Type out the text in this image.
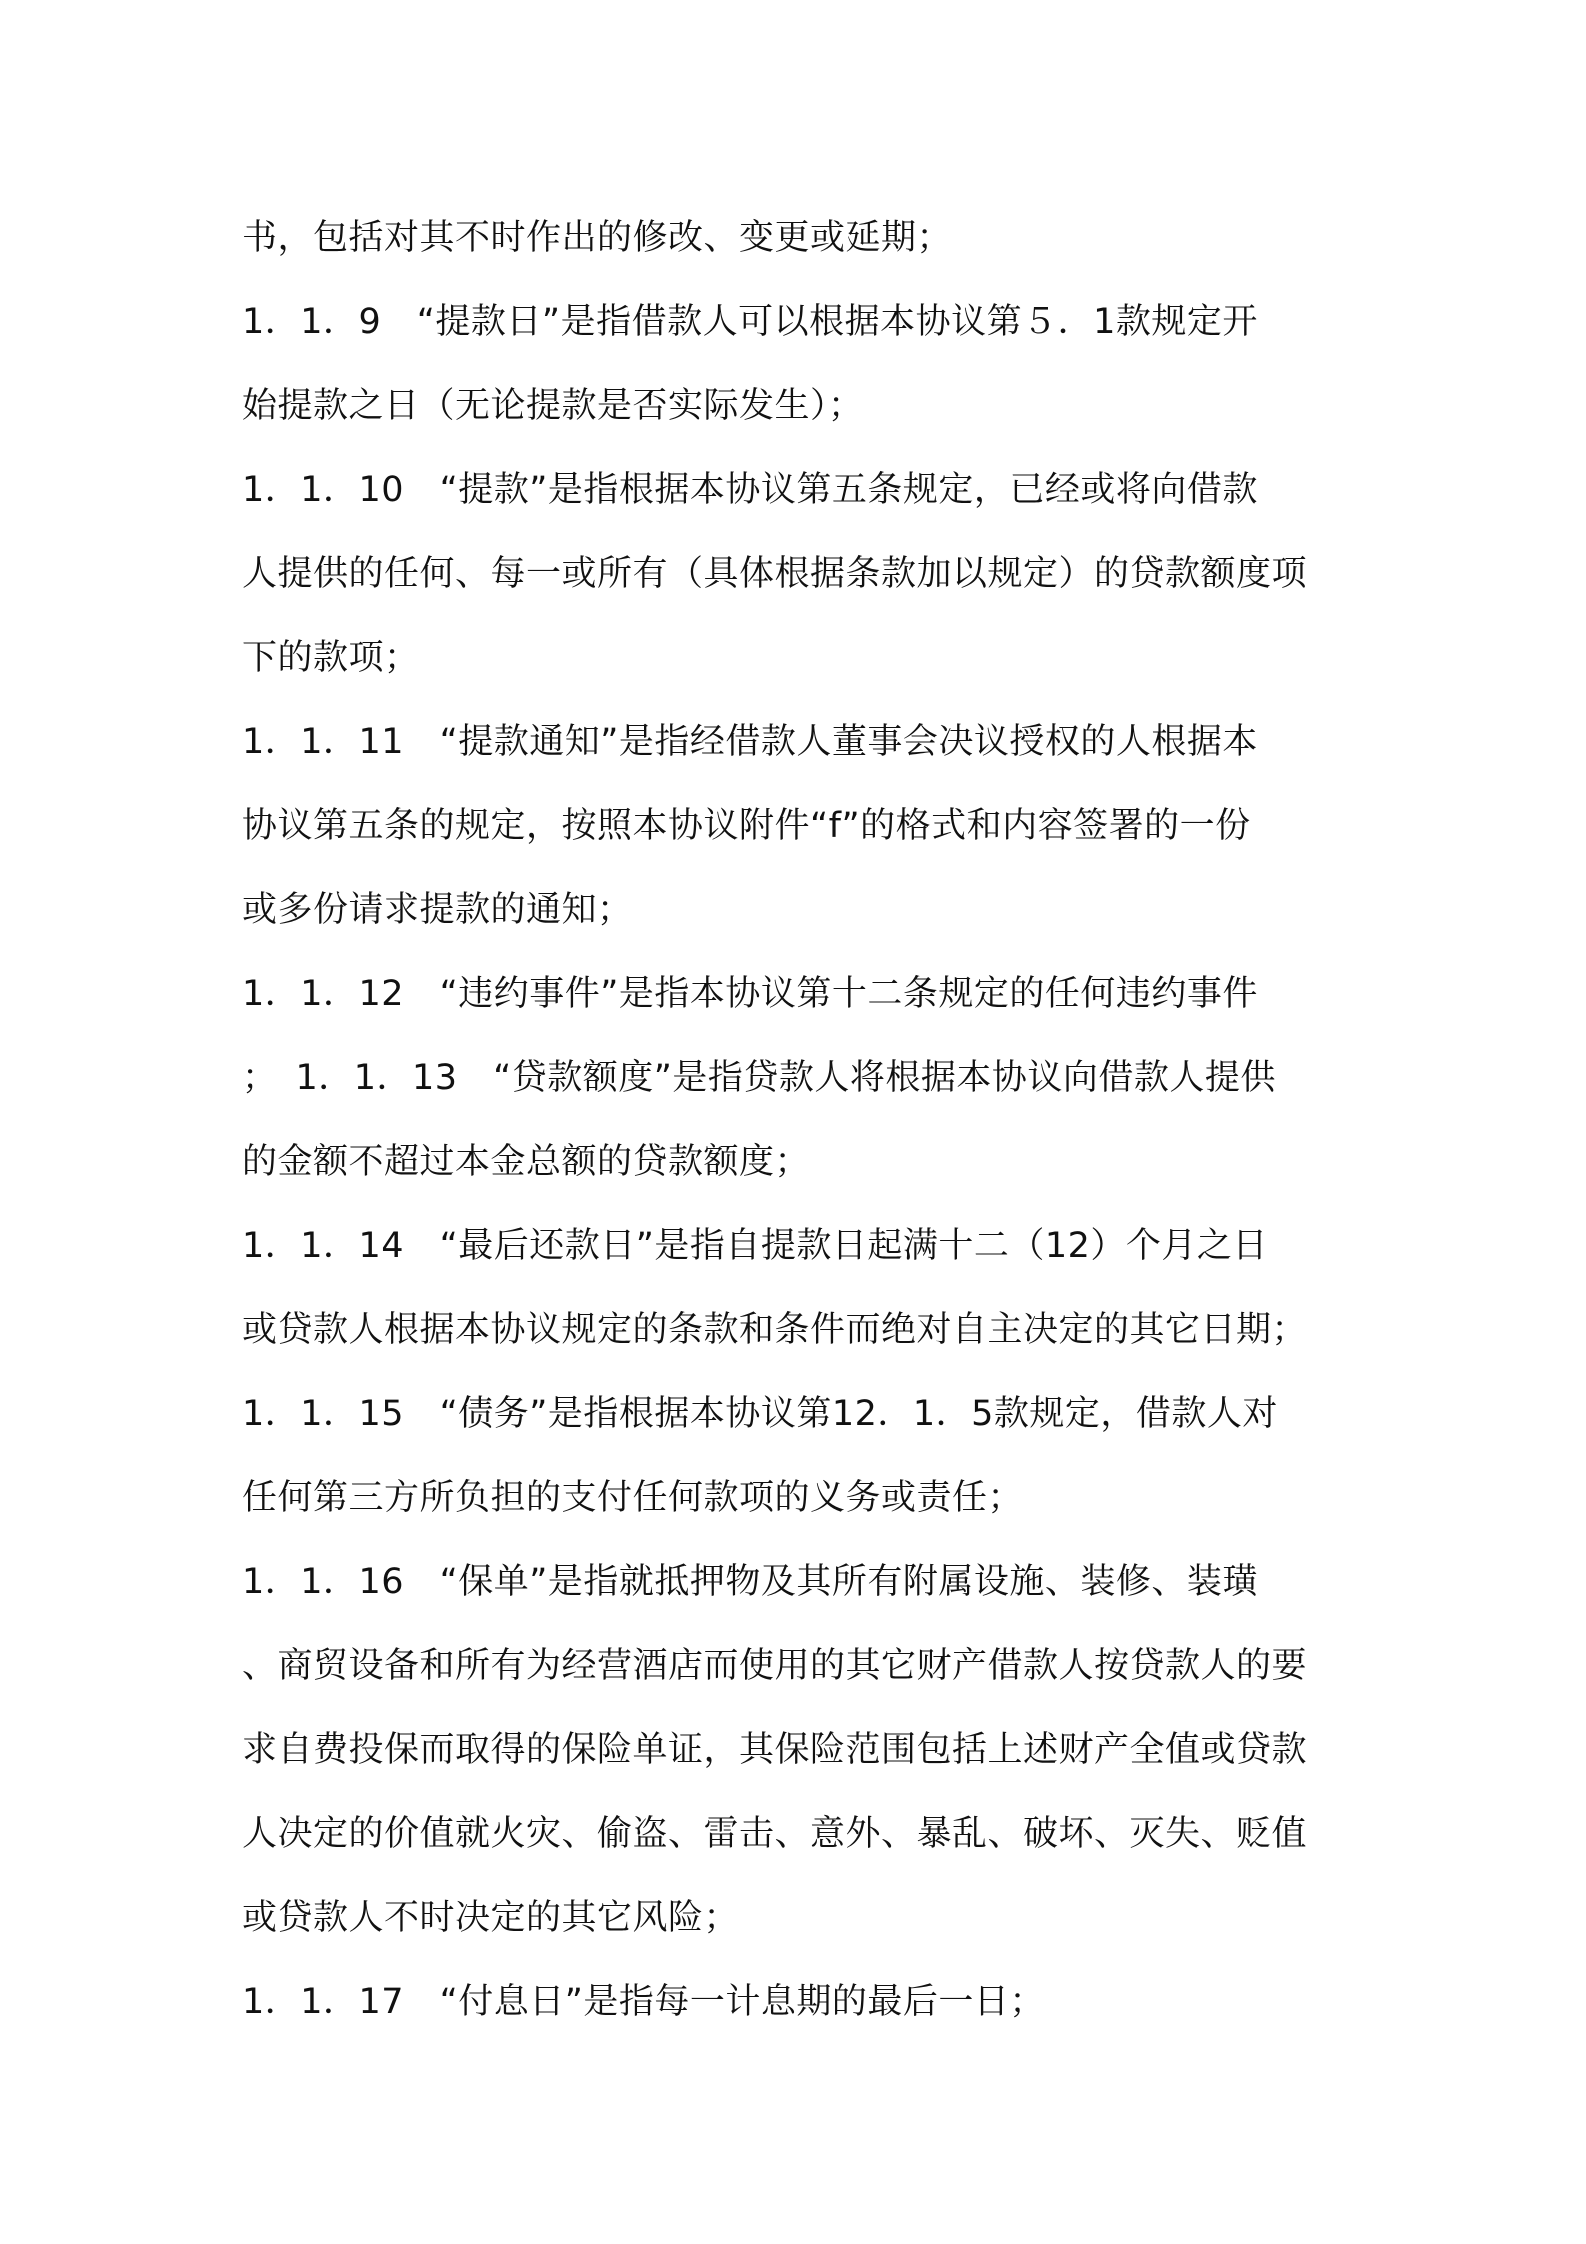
书，包括对其不时作出的修改、变更或延期；
1．1．9　“提款日”是指借款人可以根据本协议第５．1款规定开
始提款之日（无论提款是否实际发生）；
1．1．10　“提款”是指根据本协议第五条规定，已经或将向借款
人提供的任何、每一或所有（具体根据条款加以规定）的贷款额度项
下的款项；
1．1．11　“提款通知”是指经借款人董事会决议授权的人根据本
协议第五条的规定，按照本协议附件“f”的格式和内容签署的一份
或多份请求提款的通知；
1．1．12　“违约事件”是指本协议第十二条规定的任何违约事件
；　1．1．13　“贷款额度”是指贷款人将根据本协议向借款人提供
的金额不超过本金总额的贷款额度；
1．1．14　“最后还款日”是指自提款日起满十二（12）个月之日
或贷款人根据本协议规定的条款和条件而绝对自主决定的其它日期；
1．1．15　“债务”是指根据本协议第12．1．5款规定，借款人对
任何第三方所负担的支付任何款项的义务或责任；
1．1．16　“保单”是指就抵押物及其所有附属设施、装修、装璜
、商贸设备和所有为经营酒店而使用的其它财产借款人按贷款人的要
求自费投保而取得的保险单证，其保险范围包括上述财产全值或贷款
人决定的价值就火灾、偷盗、雷击、意外、暴乱、破坏、灭失、贬值
或贷款人不时决定的其它风险；
1．1．17　“付息日”是指每一计息期的最后一日；
